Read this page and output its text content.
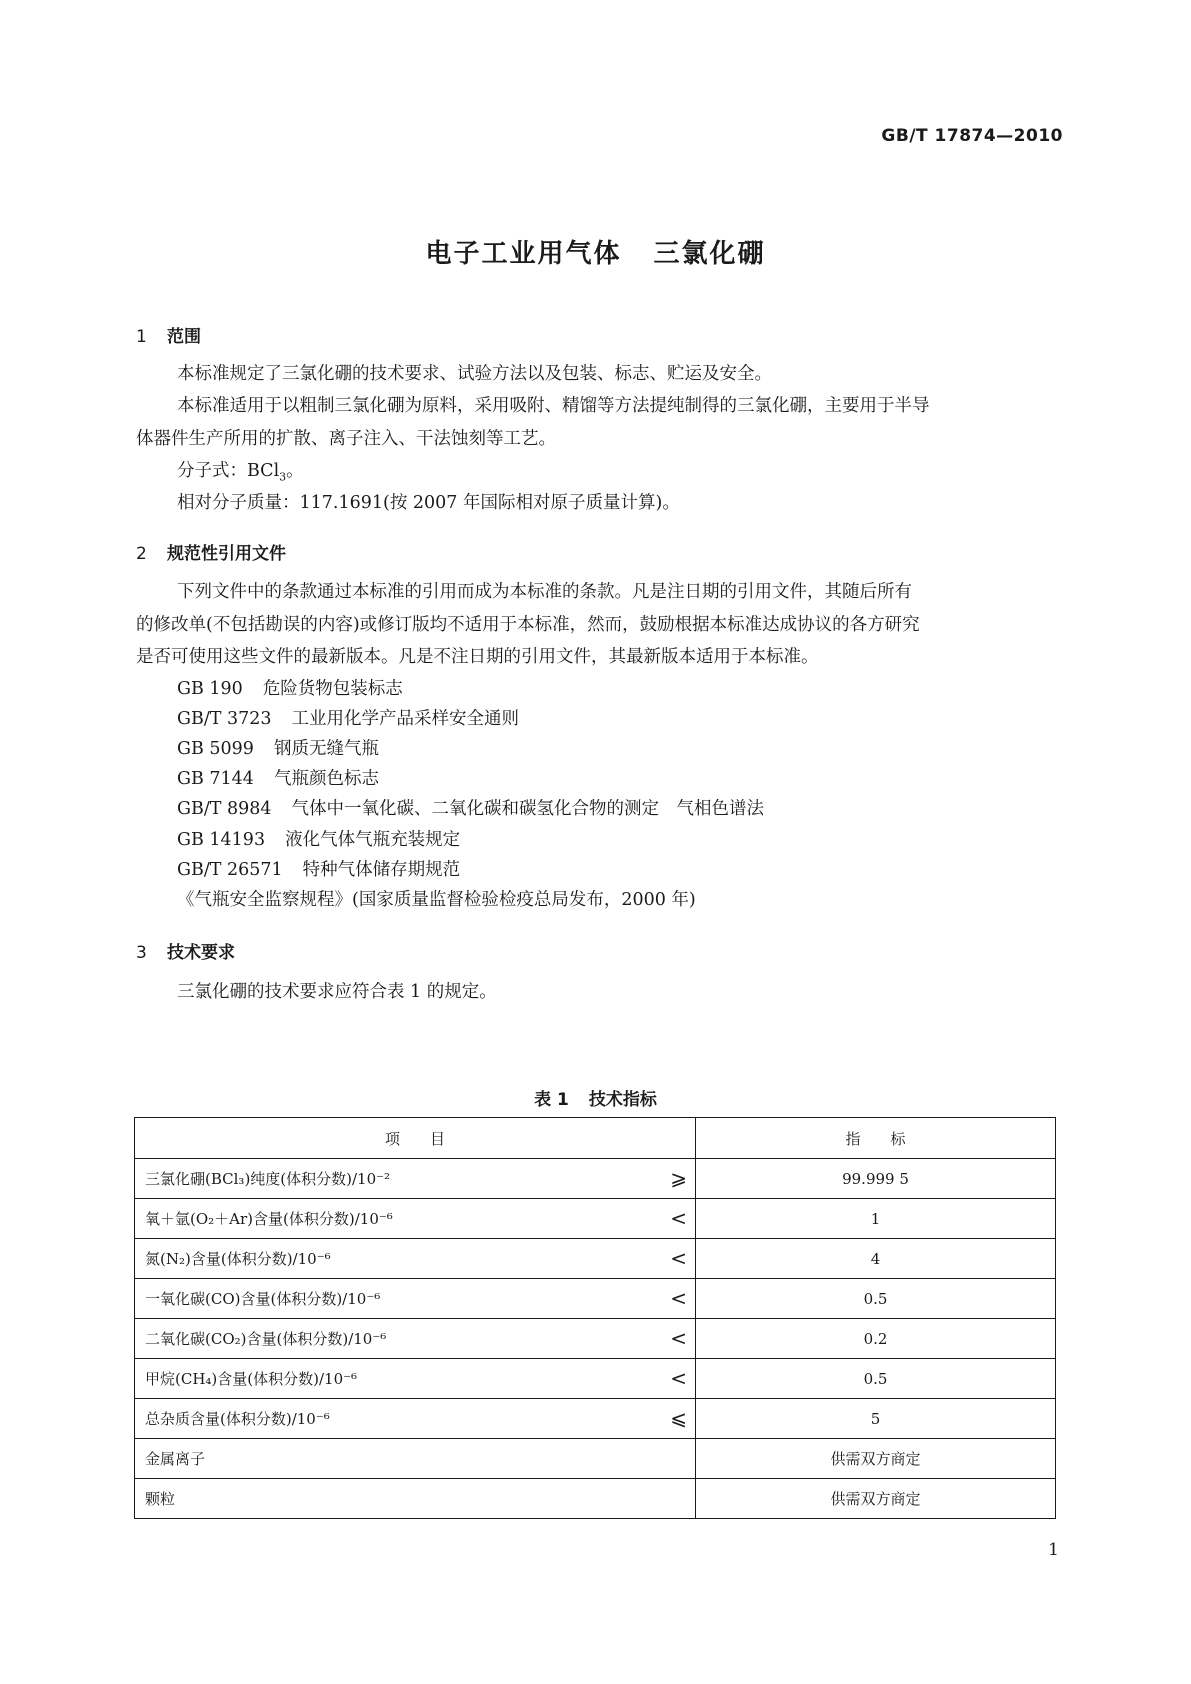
GB/T 17874—2010
电子工业用气体 三氯化硼
1 范围
本标准规定了三氯化硼的技术要求、试验方法以及包装、标志、贮运及安全。
本标准适用于以粗制三氯化硼为原料，采用吸附、精馏等方法提纯制得的三氯化硼，主要用于半导
体器件生产所用的扩散、离子注入、干法蚀刻等工艺。
分子式：BCl$_3$。
相对分子质量：117.1691(按 2007 年国际相对原子质量计算)。
2 规范性引用文件
下列文件中的条款通过本标准的引用而成为本标准的条款。凡是注日期的引用文件，其随后所有
的修改单(不包括勘误的内容)或修订版均不适用于本标准，然而，鼓励根据本标准达成协议的各方研究
是否可使用这些文件的最新版本。凡是不注日期的引用文件，其最新版本适用于本标准。
GB 190 危险货物包装标志
GB/T 3723 工业用化学产品采样安全通则
GB 5099 钢质无缝气瓶
GB 7144 气瓶颜色标志
GB/T 8984 气体中一氧化碳、二氧化碳和碳氢化合物的测定　气相色谱法
GB 14193 液化气体气瓶充装规定
GB/T 26571 特种气体储存期规范
《气瓶安全监察规程》(国家质量监督检验检疫总局发布，2000 年)
3 技术要求
三氯化硼的技术要求应符合表 1 的规定。
表 1 技术指标
项　　目	指　　标
三氯化硼(BCl₃)纯度(体积分数)/10⁻² ⩾	99.999 5
氧＋氩(O₂＋Ar)含量(体积分数)/10⁻⁶ <	1
氮(N₂)含量(体积分数)/10⁻⁶ <	4
一氧化碳(CO)含量(体积分数)/10⁻⁶ <	0.5
二氧化碳(CO₂)含量(体积分数)/10⁻⁶ <	0.2
甲烷(CH₄)含量(体积分数)/10⁻⁶ <	0.5
总杂质含量(体积分数)/10⁻⁶ ⩽	5
金属离子	供需双方商定
颗粒	供需双方商定
1
